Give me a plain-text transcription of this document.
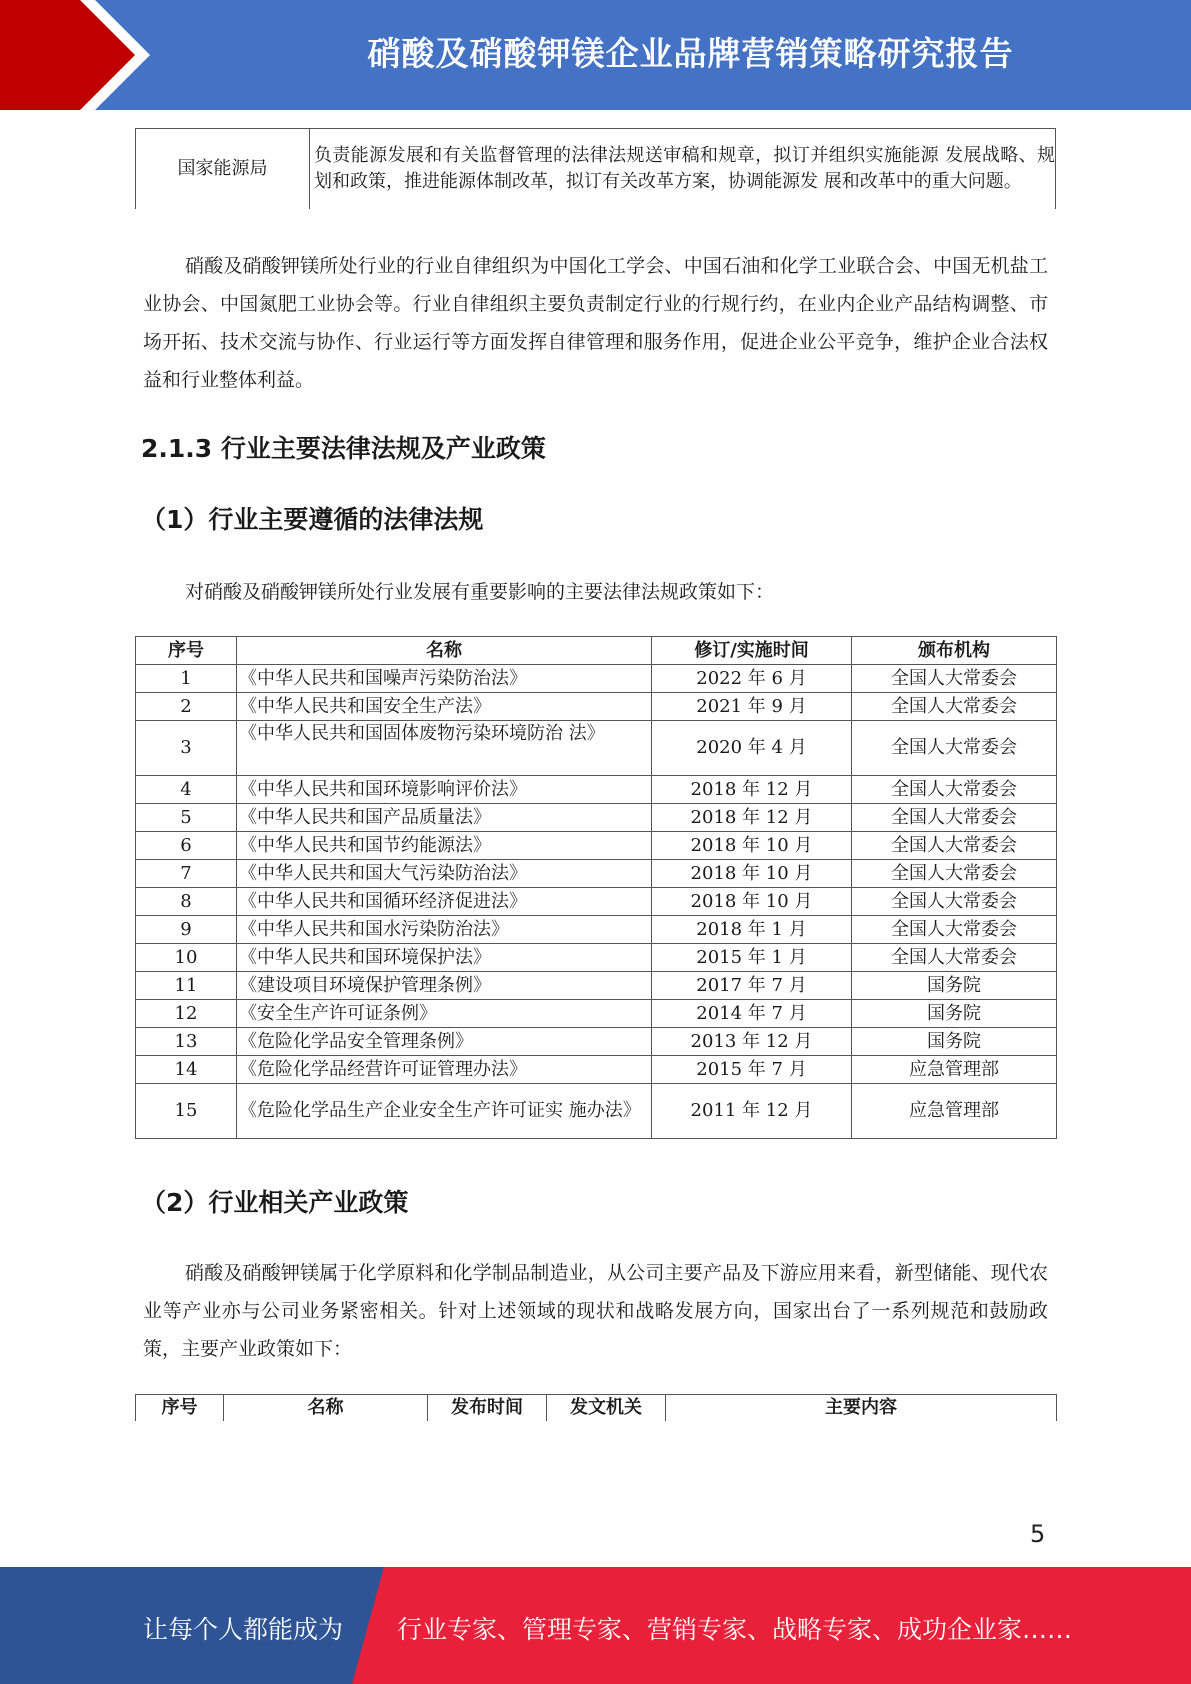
硝酸及硝酸钾镁企业品牌营销策略研究报告
国家能源局	负责能源发展和有关监督管理的法律法规送审稿和规章，拟订并组织实施能源 发展战略、规划和政策，推进能源体制改革，拟订有关改革方案，协调能源发 展和改革中的重大问题。

硝酸及硝酸钾镁所处行业的行业自律组织为中国化工学会、中国石油和化学工业联合会、中国无机盐工业协会、中国氮肥工业协会等。行业自律组织主要负责制定行业的行规行约，在业内企业产品结构调整、市场开拓、技术交流与协作、行业运行等方面发挥自律管理和服务作用，促进企业公平竞争，维护企业合法权益和行业整体利益。

2.1.3 行业主要法律法规及产业政策
（1）行业主要遵循的法律法规

对硝酸及硝酸钾镁所处行业发展有重要影响的主要法律法规政策如下：

序号	名称	修订/实施时间	颁布机构
1	《中华人民共和国噪声污染防治法》	2022 年 6 月	全国人大常委会
2	《中华人民共和国安全生产法》	2021 年 9 月	全国人大常委会
3	《中华人民共和国固体废物污染环境防治 法》	2020 年 4 月	全国人大常委会
4	《中华人民共和国环境影响评价法》	2018 年 12 月	全国人大常委会
5	《中华人民共和国产品质量法》	2018 年 12 月	全国人大常委会
6	《中华人民共和国节约能源法》	2018 年 10 月	全国人大常委会
7	《中华人民共和国大气污染防治法》	2018 年 10 月	全国人大常委会
8	《中华人民共和国循环经济促进法》	2018 年 10 月	全国人大常委会
9	《中华人民共和国水污染防治法》	2018 年 1 月	全国人大常委会
10	《中华人民共和国环境保护法》	2015 年 1 月	全国人大常委会
11	《建设项目环境保护管理条例》	2017 年 7 月	国务院
12	《安全生产许可证条例》	2014 年 7 月	国务院
13	《危险化学品安全管理条例》	2013 年 12 月	国务院
14	《危险化学品经营许可证管理办法》	2015 年 7 月	应急管理部
15	《危险化学品生产企业安全生产许可证实 施办法》	2011 年 12 月	应急管理部
（2）行业相关产业政策

硝酸及硝酸钾镁属于化学原料和化学制品制造业，从公司主要产品及下游应用来看，新型储能、现代农业等产业亦与公司业务紧密相关。针对上述领域的现状和战略发展方向，国家出台了一系列规范和鼓励政策，主要产业政策如下：

序号	名称	发布时间	发文机关	主要内容
5
让每个人都能成为 行业专家、管理专家、营销专家、战略专家、成功企业家……
